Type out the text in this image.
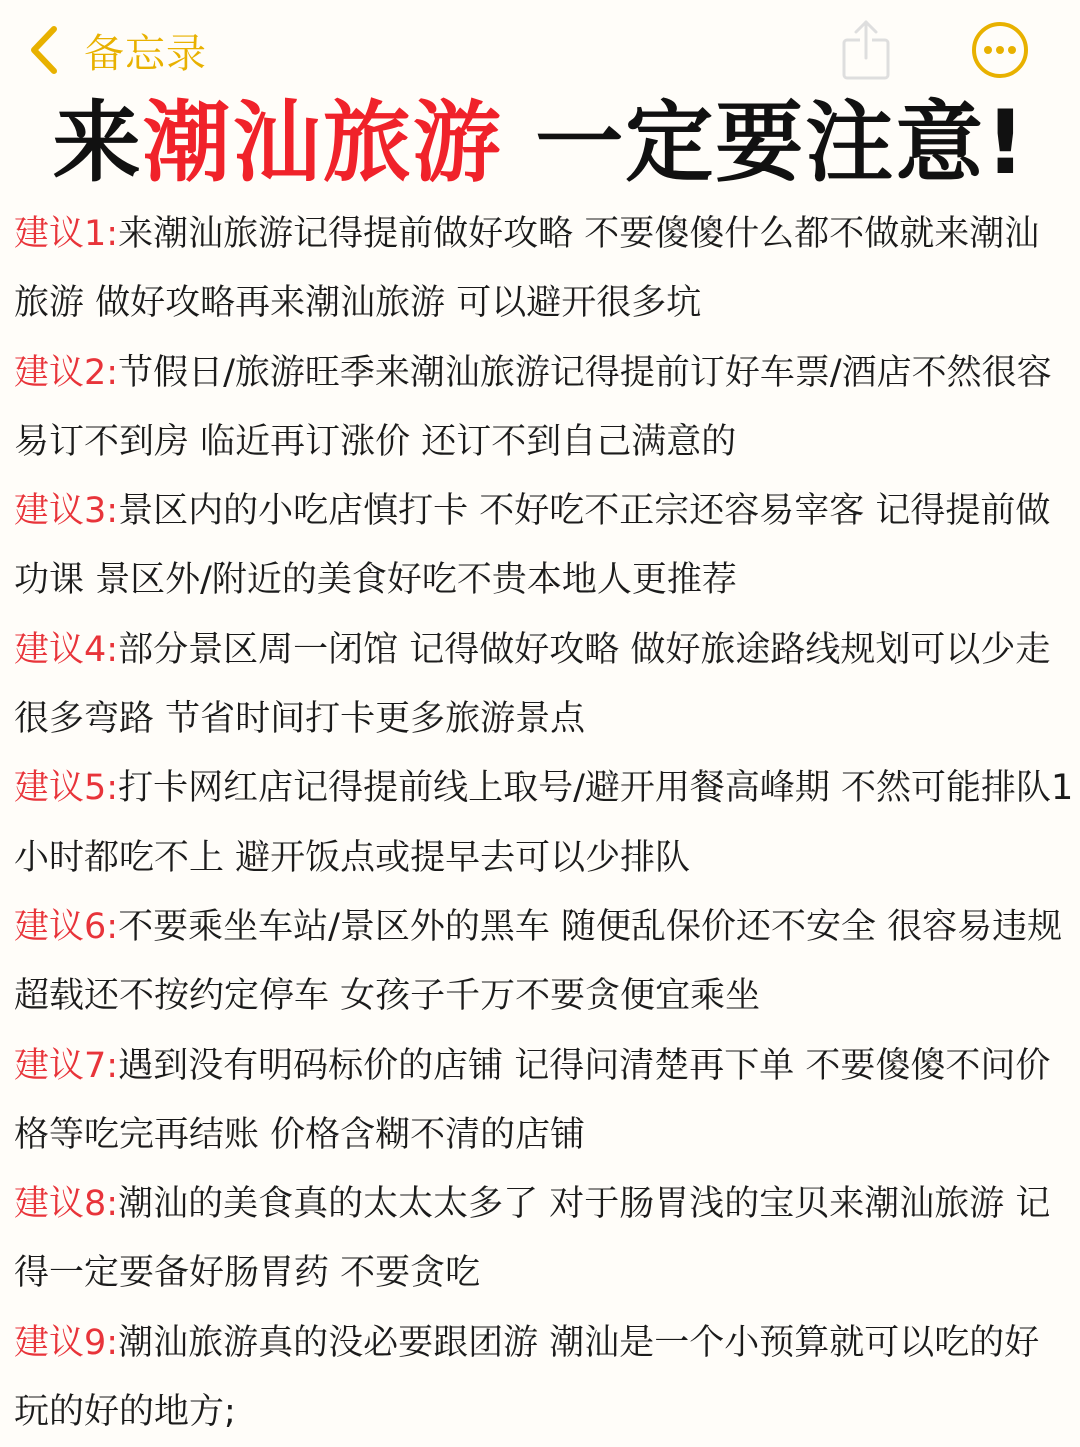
备忘录
来潮汕旅游 一定要注意!

建议1:来潮汕旅游记得提前做好攻略 不要傻傻什么都不做就来潮汕旅游 做好攻略再来潮汕旅游 可以避开很多坑

建议2:节假日/旅游旺季来潮汕旅游记得提前订好车票/酒店不然很容易订不到房 临近再订涨价 还订不到自己满意的

建议3:景区内的小吃店慎打卡 不好吃不正宗还容易宰客 记得提前做功课 景区外/附近的美食好吃不贵本地人更推荐

建议4:部分景区周一闭馆 记得做好攻略 做好旅途路线规划可以少走很多弯路 节省时间打卡更多旅游景点

建议5:打卡网红店记得提前线上取号/避开用餐高峰期 不然可能排队1小时都吃不上 避开饭点或提早去可以少排队

建议6:不要乘坐车站/景区外的黑车 随便乱保价还不安全 很容易违规超载还不按约定停车 女孩子千万不要贪便宜乘坐

建议7:遇到没有明码标价的店铺 记得问清楚再下单 不要傻傻不问价格等吃完再结账 价格含糊不清的店铺

建议8:潮汕的美食真的太太太多了 对于肠胃浅的宝贝来潮汕旅游 记得一定要备好肠胃药 不要贪吃

建议9:潮汕旅游真的没必要跟团游 潮汕是一个小预算就可以吃的好玩的好的地方;
